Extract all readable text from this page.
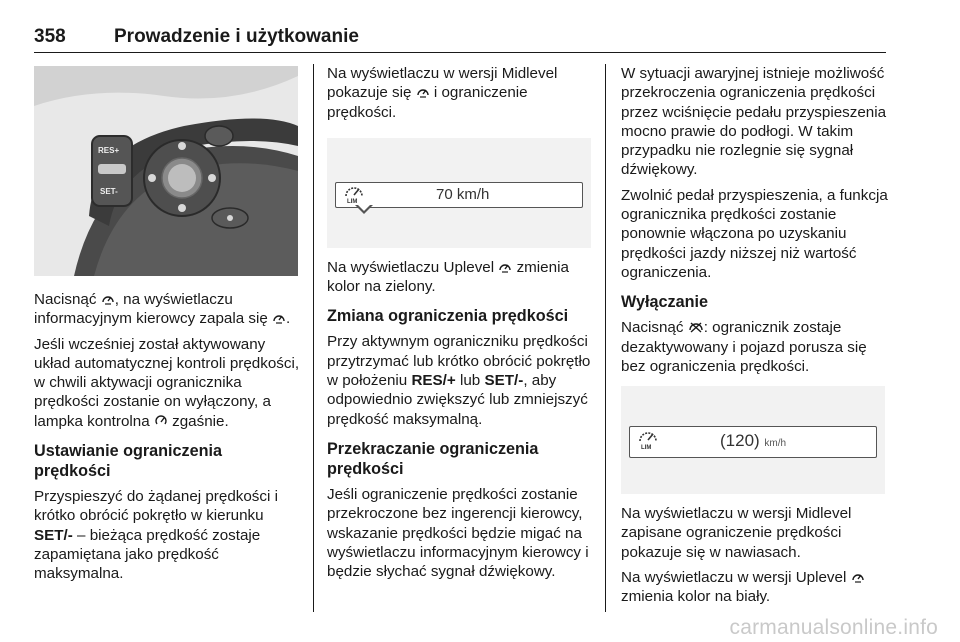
358	Prowadzenie i użytkowanie
RES+
SET-

Nacisnąć , na wyświetlaczu informacyjnym kierowcy zapala się .

Jeśli wcześniej został aktywowany układ automatycznej kontroli prędkości, w chwili aktywacji ogranicznika prędkości zostanie on wyłączony, a lampka kontrolna  zgaśnie.

Ustawianie ograniczenia prędkości

Przyspieszyć do żądanej prędkości i krótko obrócić pokrętło w kierunku SET/- – bieżąca prędkość zostaje zapamiętana jako prędkość maksymalna.

Na wyświetlaczu w wersji Midlevel pokazuje się  i ograniczenie prędkości.

LIM	70 km/h

Na wyświetlaczu Uplevel  zmienia kolor na zielony.

Zmiana ograniczenia prędkości

Przy aktywnym ograniczniku prędkości przytrzymać lub krótko obrócić pokrętło w położeniu RES/+ lub SET/-, aby odpowiednio zwiększyć lub zmniejszyć prędkość maksymalną.

Przekraczanie ograniczenia prędkości

Jeśli ograniczenie prędkości zostanie przekroczone bez ingerencji kierowcy, wskazanie prędkości będzie migać na wyświetlaczu informacyjnym kierowcy i będzie słychać sygnał dźwiękowy.

W sytuacji awaryjnej istnieje możliwość przekroczenia ograniczenia prędkości przez wciśnięcie pedału przyspieszenia mocno prawie do podłogi. W takim przypadku nie rozlegnie się sygnał dźwiękowy.

Zwolnić pedał przyspieszenia, a funkcja ogranicznika prędkości zostanie ponownie włączona po uzyskaniu prędkości jazdy niższej niż wartość ograniczenia.

Wyłączanie

Nacisnąć : ogranicznik zostaje dezaktywowany i pojazd porusza się bez ograniczenia prędkości.

LIM	(120) km/h

Na wyświetlaczu w wersji Midlevel zapisane ograniczenie prędkości pokazuje się w nawiasach.

Na wyświetlaczu w wersji Uplevel  zmienia kolor na biały.

carmanualsonline.info
